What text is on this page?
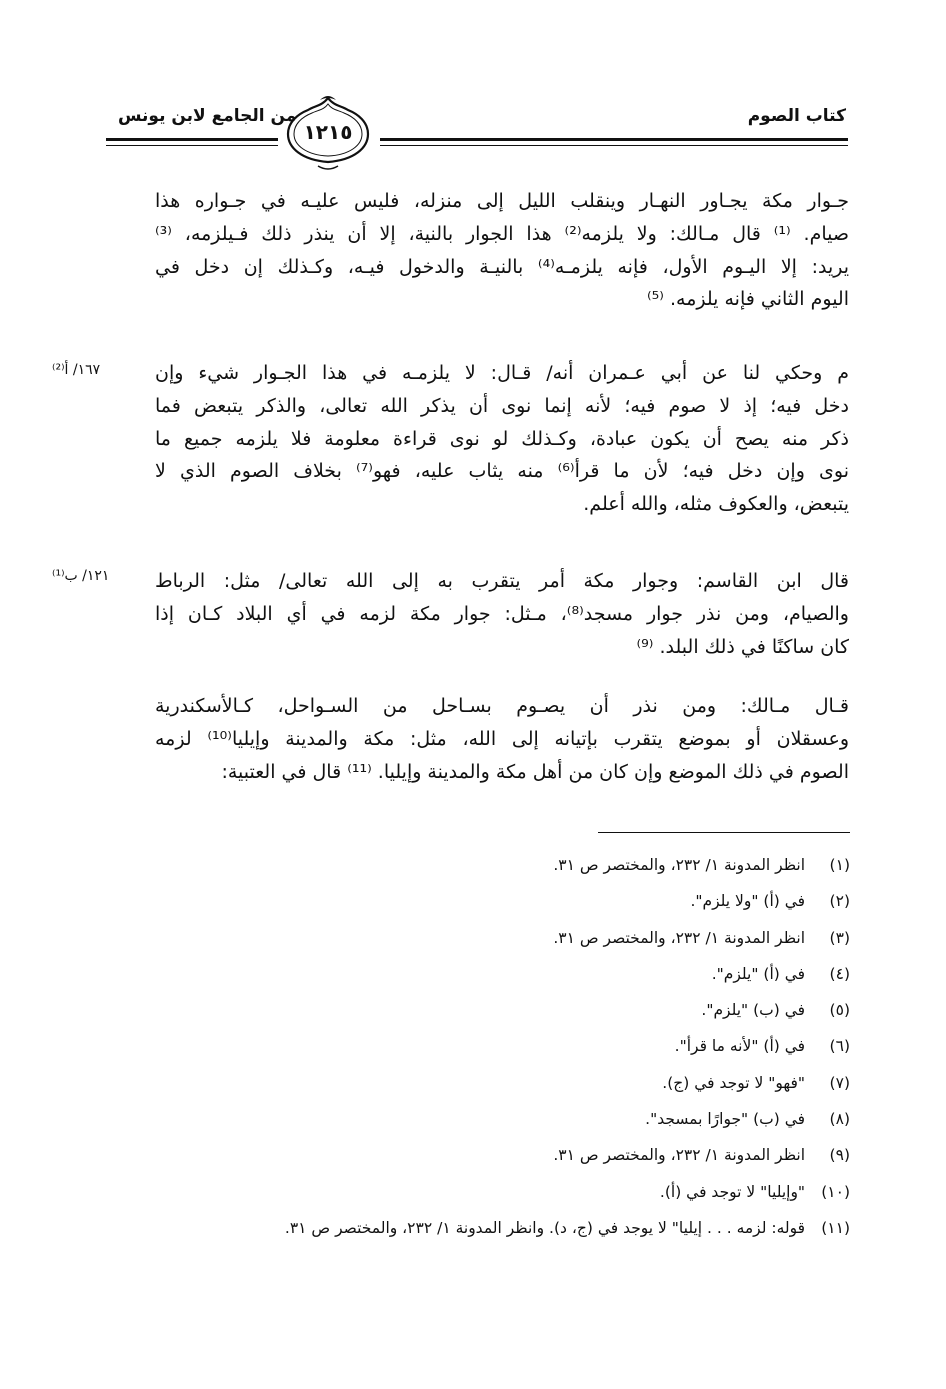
كتاب الصوم
من الجامع لابن يونس
١٢١٥
جـوار مكة يجـاور النهـار وينقلب الليل إلى منزله، فليس عليـه في جـواره هذا
صيام. ⁽¹⁾ قال مـالك: ولا يلزمه⁽²⁾ هذا الجوار بالنية، إلا أن ينذر ذلك فـيلزمه، ⁽³⁾
يريد: إلا اليـوم الأول، فإنه يلزمـه⁽⁴⁾ بالنيـة والدخول فيـه، وكـذلك إن دخل في
اليوم الثاني فإنه يلزمه. ⁽⁵⁾
م وحكي لنا عن أبي عـمران أنه/ قـال: لا يلزمـه في هذا الجـوار شيء وإن
دخل فيه؛ إذ لا صوم فيه؛ لأنه إنما نوى أن يذكر الله تعالى، والذكر يتبعض فما
ذكر منه يصح أن يكون عبادة، وكـذلك لو نوى قراءة معلومة فلا يلزمه جميع ما
نوى وإن دخل فيه؛ لأن ما قرأ⁽⁶⁾ منه يثاب عليه، فهو⁽⁷⁾ بخلاف الصوم الذي لا
يتبعض، والعكوف مثله، والله أعلم.
١٦٧/ أ⁽²⁾
قال ابن القاسم: وجوار مكة أمر يتقرب به إلى الله تعالى/ مثل: الرباط
والصيام، ومن نذر جوار مسجد⁽⁸⁾، مـثل: جوار مكة لزمه في أي البلاد كـان إذا
كان ساكنًا في ذلك البلد. ⁽⁹⁾
١٢١/ ب⁽¹⁾
قـال مـالك: ومن نذر أن يصـوم بسـاحل من السـواحل، كـالأسكندرية
وعسقلان أو بموضع يتقرب بإتيانه إلى الله، مثل: مكة والمدينة وإيليا⁽¹⁰⁾ لزمه
الصوم في ذلك الموضع وإن كان من أهل مكة والمدينة وإيليا. ⁽¹¹⁾ قال في العتبية:
(١) انظر المدونة ١/ ٢٣٢، والمختصر ص ٣١.
(٢) في (أ) "ولا يلزم".
(٣) انظر المدونة ١/ ٢٣٢، والمختصر ص ٣١.
(٤) في (أ) "يلزم".
(٥) في (ب) "يلزم".
(٦) في (أ) "لأنه ما قرأ".
(٧) "فهو" لا توجد في (ج).
(٨) في (ب) "جوارًا بمسجد".
(٩) انظر المدونة ١/ ٢٣٢، والمختصر ص ٣١.
(١٠) "وإيليا" لا توجد في (أ).
(١١) قوله: لزمه . . . إيليا" لا يوجد في (ج، د). وانظر المدونة ١/ ٢٣٢، والمختصر ص ٣١.
